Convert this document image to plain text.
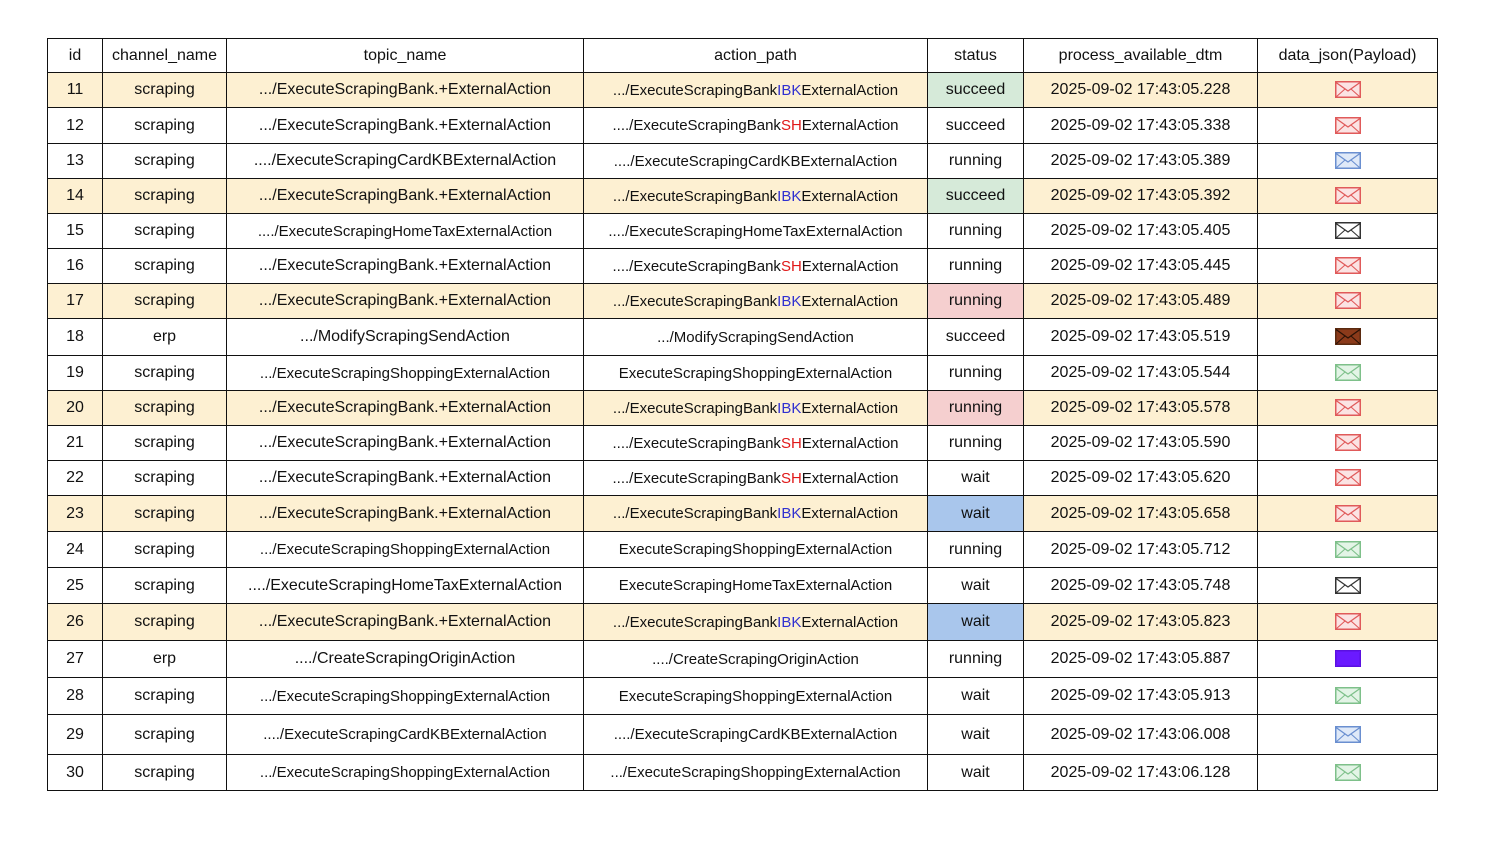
id	channel_name	topic_name	action_path	status	process_available_dtm	data_json(Payload)
11	scraping	.../ExecuteScrapingBank.+ExternalAction	.../ExecuteScrapingBankIBKExternalAction	succeed	2025-09-02 17:43:05.228	
12	scraping	.../ExecuteScrapingBank.+ExternalAction	..../ExecuteScrapingBankSHExternalAction	succeed	2025-09-02 17:43:05.338	
13	scraping	..../ExecuteScrapingCardKBExternalAction	..../ExecuteScrapingCardKBExternalAction	running	2025-09-02 17:43:05.389	
14	scraping	.../ExecuteScrapingBank.+ExternalAction	.../ExecuteScrapingBankIBKExternalAction	succeed	2025-09-02 17:43:05.392	
15	scraping	..../ExecuteScrapingHomeTaxExternalAction	..../ExecuteScrapingHomeTaxExternalAction	running	2025-09-02 17:43:05.405	
16	scraping	.../ExecuteScrapingBank.+ExternalAction	..../ExecuteScrapingBankSHExternalAction	running	2025-09-02 17:43:05.445	
17	scraping	.../ExecuteScrapingBank.+ExternalAction	.../ExecuteScrapingBankIBKExternalAction	running	2025-09-02 17:43:05.489	
18	erp	.../ModifyScrapingSendAction	.../ModifyScrapingSendAction	succeed	2025-09-02 17:43:05.519	
19	scraping	.../ExecuteScrapingShoppingExternalAction	ExecuteScrapingShoppingExternalAction	running	2025-09-02 17:43:05.544	
20	scraping	.../ExecuteScrapingBank.+ExternalAction	.../ExecuteScrapingBankIBKExternalAction	running	2025-09-02 17:43:05.578	
21	scraping	.../ExecuteScrapingBank.+ExternalAction	..../ExecuteScrapingBankSHExternalAction	running	2025-09-02 17:43:05.590	
22	scraping	.../ExecuteScrapingBank.+ExternalAction	..../ExecuteScrapingBankSHExternalAction	wait	2025-09-02 17:43:05.620	
23	scraping	.../ExecuteScrapingBank.+ExternalAction	.../ExecuteScrapingBankIBKExternalAction	wait	2025-09-02 17:43:05.658	
24	scraping	.../ExecuteScrapingShoppingExternalAction	ExecuteScrapingShoppingExternalAction	running	2025-09-02 17:43:05.712	
25	scraping	..../ExecuteScrapingHomeTaxExternalAction	ExecuteScrapingHomeTaxExternalAction	wait	2025-09-02 17:43:05.748	
26	scraping	.../ExecuteScrapingBank.+ExternalAction	.../ExecuteScrapingBankIBKExternalAction	wait	2025-09-02 17:43:05.823	
27	erp	..../CreateScrapingOriginAction	..../CreateScrapingOriginAction	running	2025-09-02 17:43:05.887	
28	scraping	.../ExecuteScrapingShoppingExternalAction	ExecuteScrapingShoppingExternalAction	wait	2025-09-02 17:43:05.913	
29	scraping	..../ExecuteScrapingCardKBExternalAction	..../ExecuteScrapingCardKBExternalAction	wait	2025-09-02 17:43:06.008	
30	scraping	.../ExecuteScrapingShoppingExternalAction	.../ExecuteScrapingShoppingExternalAction	wait	2025-09-02 17:43:06.128	
